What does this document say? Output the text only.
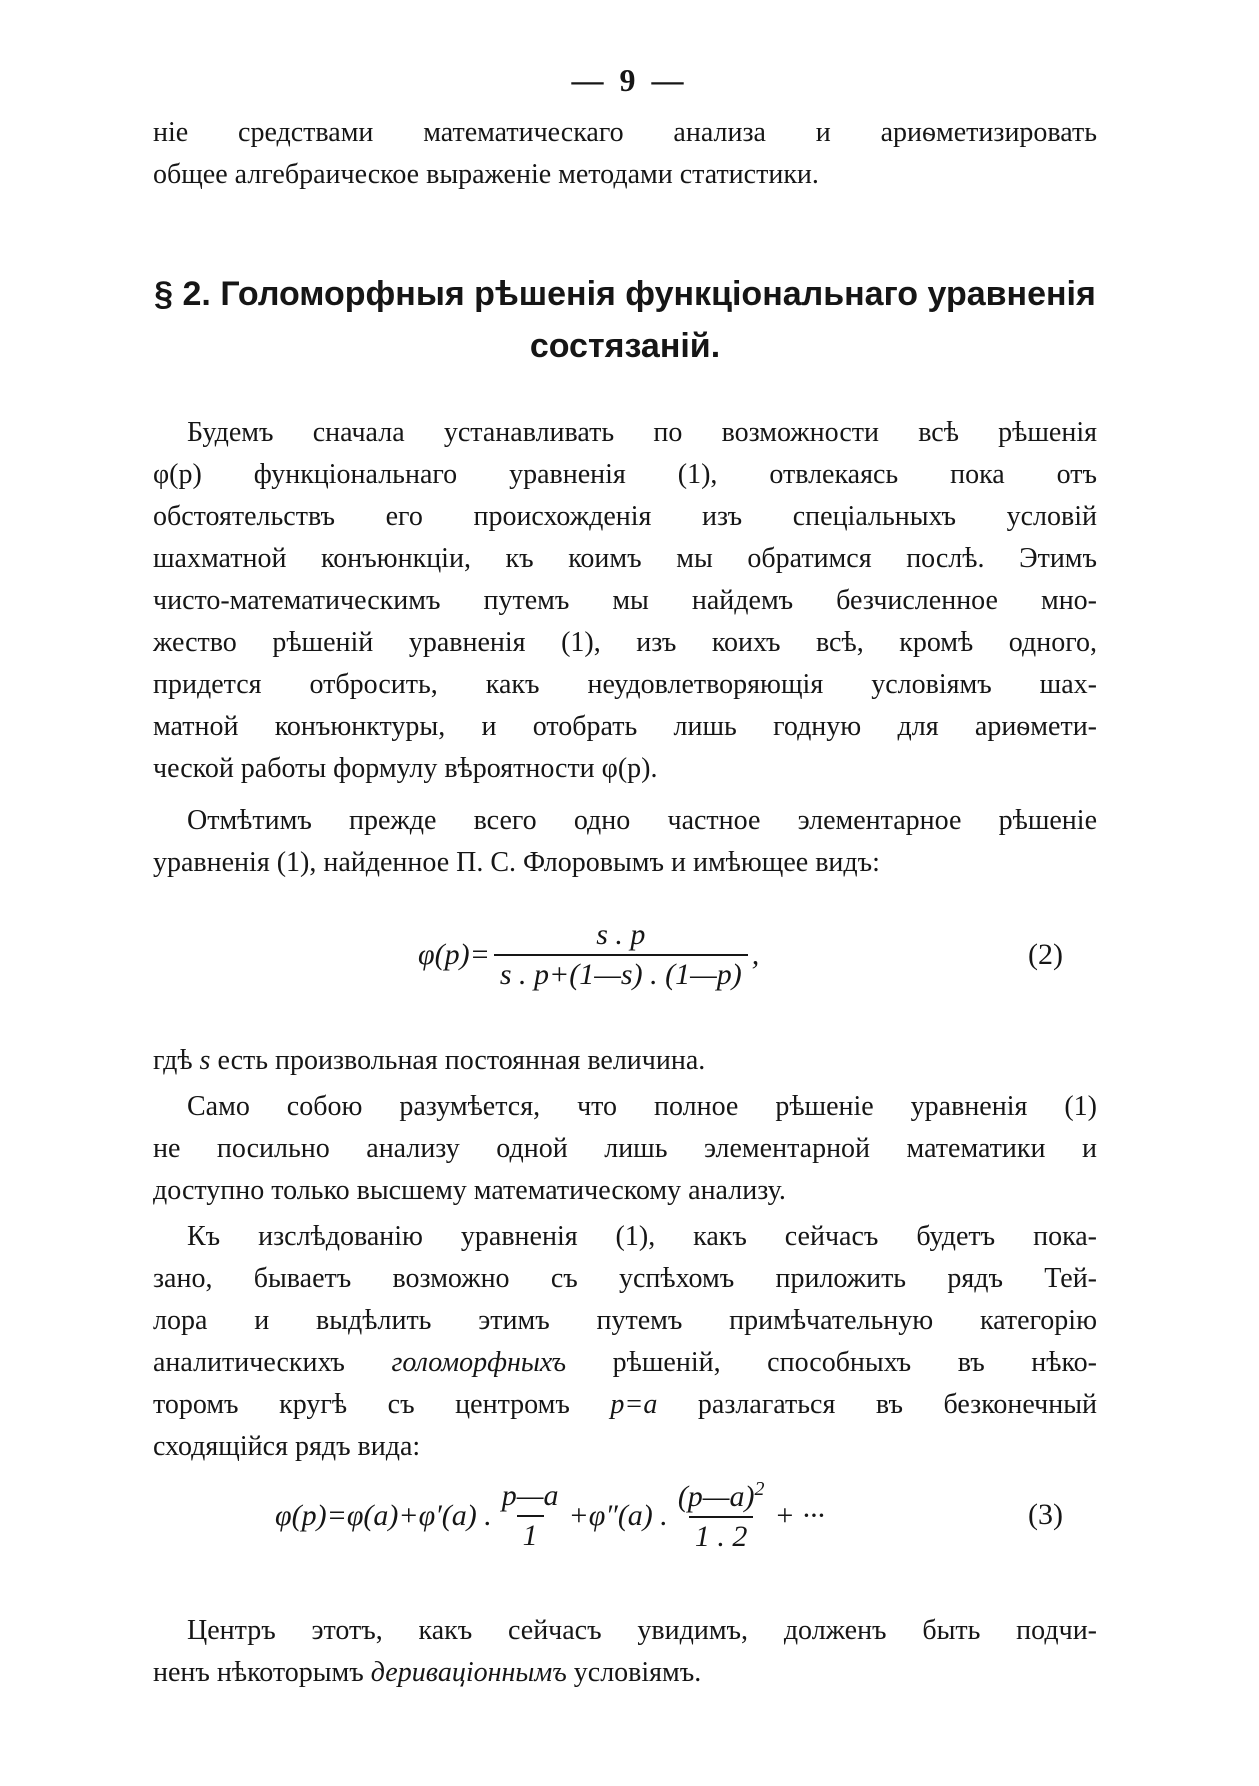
— 9 —
ніе средствами математическаго анализа и ариѳметизировать
общее алгебраическое выраженіе методами статистики.
§ 2. Голоморфныя рѣшенія функціональнаго уравненія
состязаній.
Будемъ сначала устанавливать по возможности всѣ рѣшенія
φ(p) функціональнаго уравненія (1), отвлекаясь пока отъ
обстоятельствъ его происхожденія изъ спеціальныхъ условій
шахматной конъюнкціи, къ коимъ мы обратимся послѣ. Этимъ
чисто-математическимъ путемъ мы найдемъ безчисленное мно-
жество рѣшеній уравненія (1), изъ коихъ всѣ, кромѣ одного,
придется отбросить, какъ неудовлетворяющія условіямъ шах-
матной конъюнктуры, и отобрать лишь годную для ариѳмети-
ческой работы формулу вѣроятности φ(p).
Отмѣтимъ прежде всего одно частное элементарное рѣшеніе
уравненія (1), найденное П. С. Флоровымъ и имѣющее видъ:
$\varphi(p)= \frac{s . p}{s . p+(1—s) . (1—p)}$ ,	(2)
гдѣ s есть произвольная постоянная величина.
Само собою разумѣется, что полное рѣшеніе уравненія (1)
не посильно анализу одной лишь элементарной математики и
доступно только высшему математическому анализу.
Къ изслѣдованію уравненія (1), какъ сейчасъ будетъ пока-
зано, бываетъ возможно съ успѣхомъ приложить рядъ Тей-
лора и выдѣлить этимъ путемъ примѣчательную категорію
аналитическихъ голоморфныхъ рѣшеній, способныхъ въ нѣко-
торомъ кругѣ съ центромъ p=a разлагаться въ безконечный
сходящійся рядъ вида:
φ(p)=φ(a)+φ′(a) . $\frac{p—a}{1} +\varphi''(a)$ . $\frac{(p—a)^2}{1 . 2}$ + ···	(3)
Центръ этотъ, какъ сейчасъ увидимъ, долженъ быть подчи-
ненъ нѣкоторымъ деривaціоннымъ условіямъ.
